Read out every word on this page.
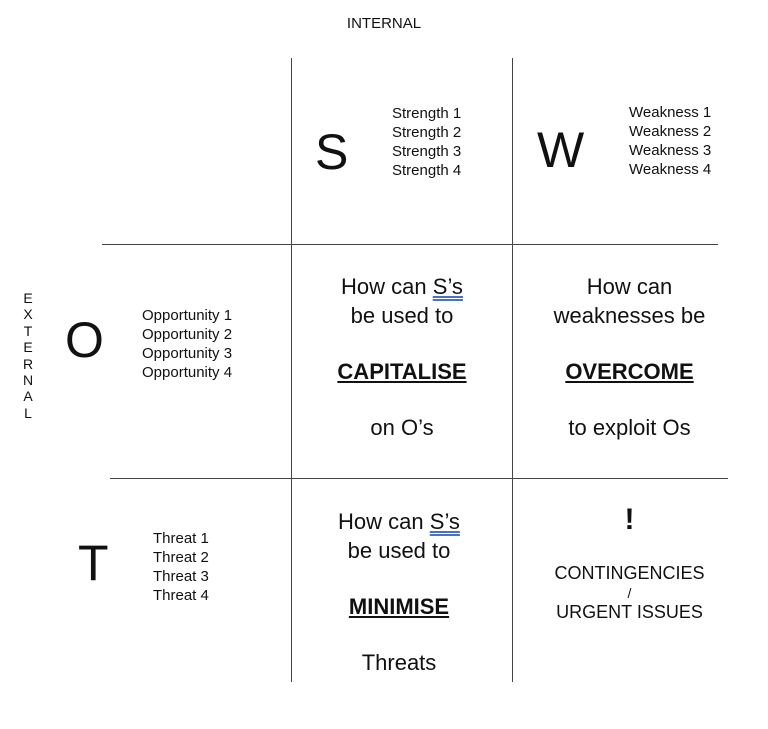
INTERNAL
E
X
T
E
R
N
A
L
S
Strength 1
Strength 2
Strength 3
Strength 4 W
Weakness 1
Weakness 2
Weakness 3
Weakness 4
O	Opportunity 1
Opportunity 2
Opportunity 3
Opportunity 4
T	Threat 1
Threat 2
Threat 3
Threat 4
How can S’s
be used to
CAPITALISE
on O’s
How can
weaknesses be
OVERCOME
to exploit Os
How can S’s
be used to
MINIMISE
Threats
!
CONTINGENCIES
/
URGENT ISSUES
